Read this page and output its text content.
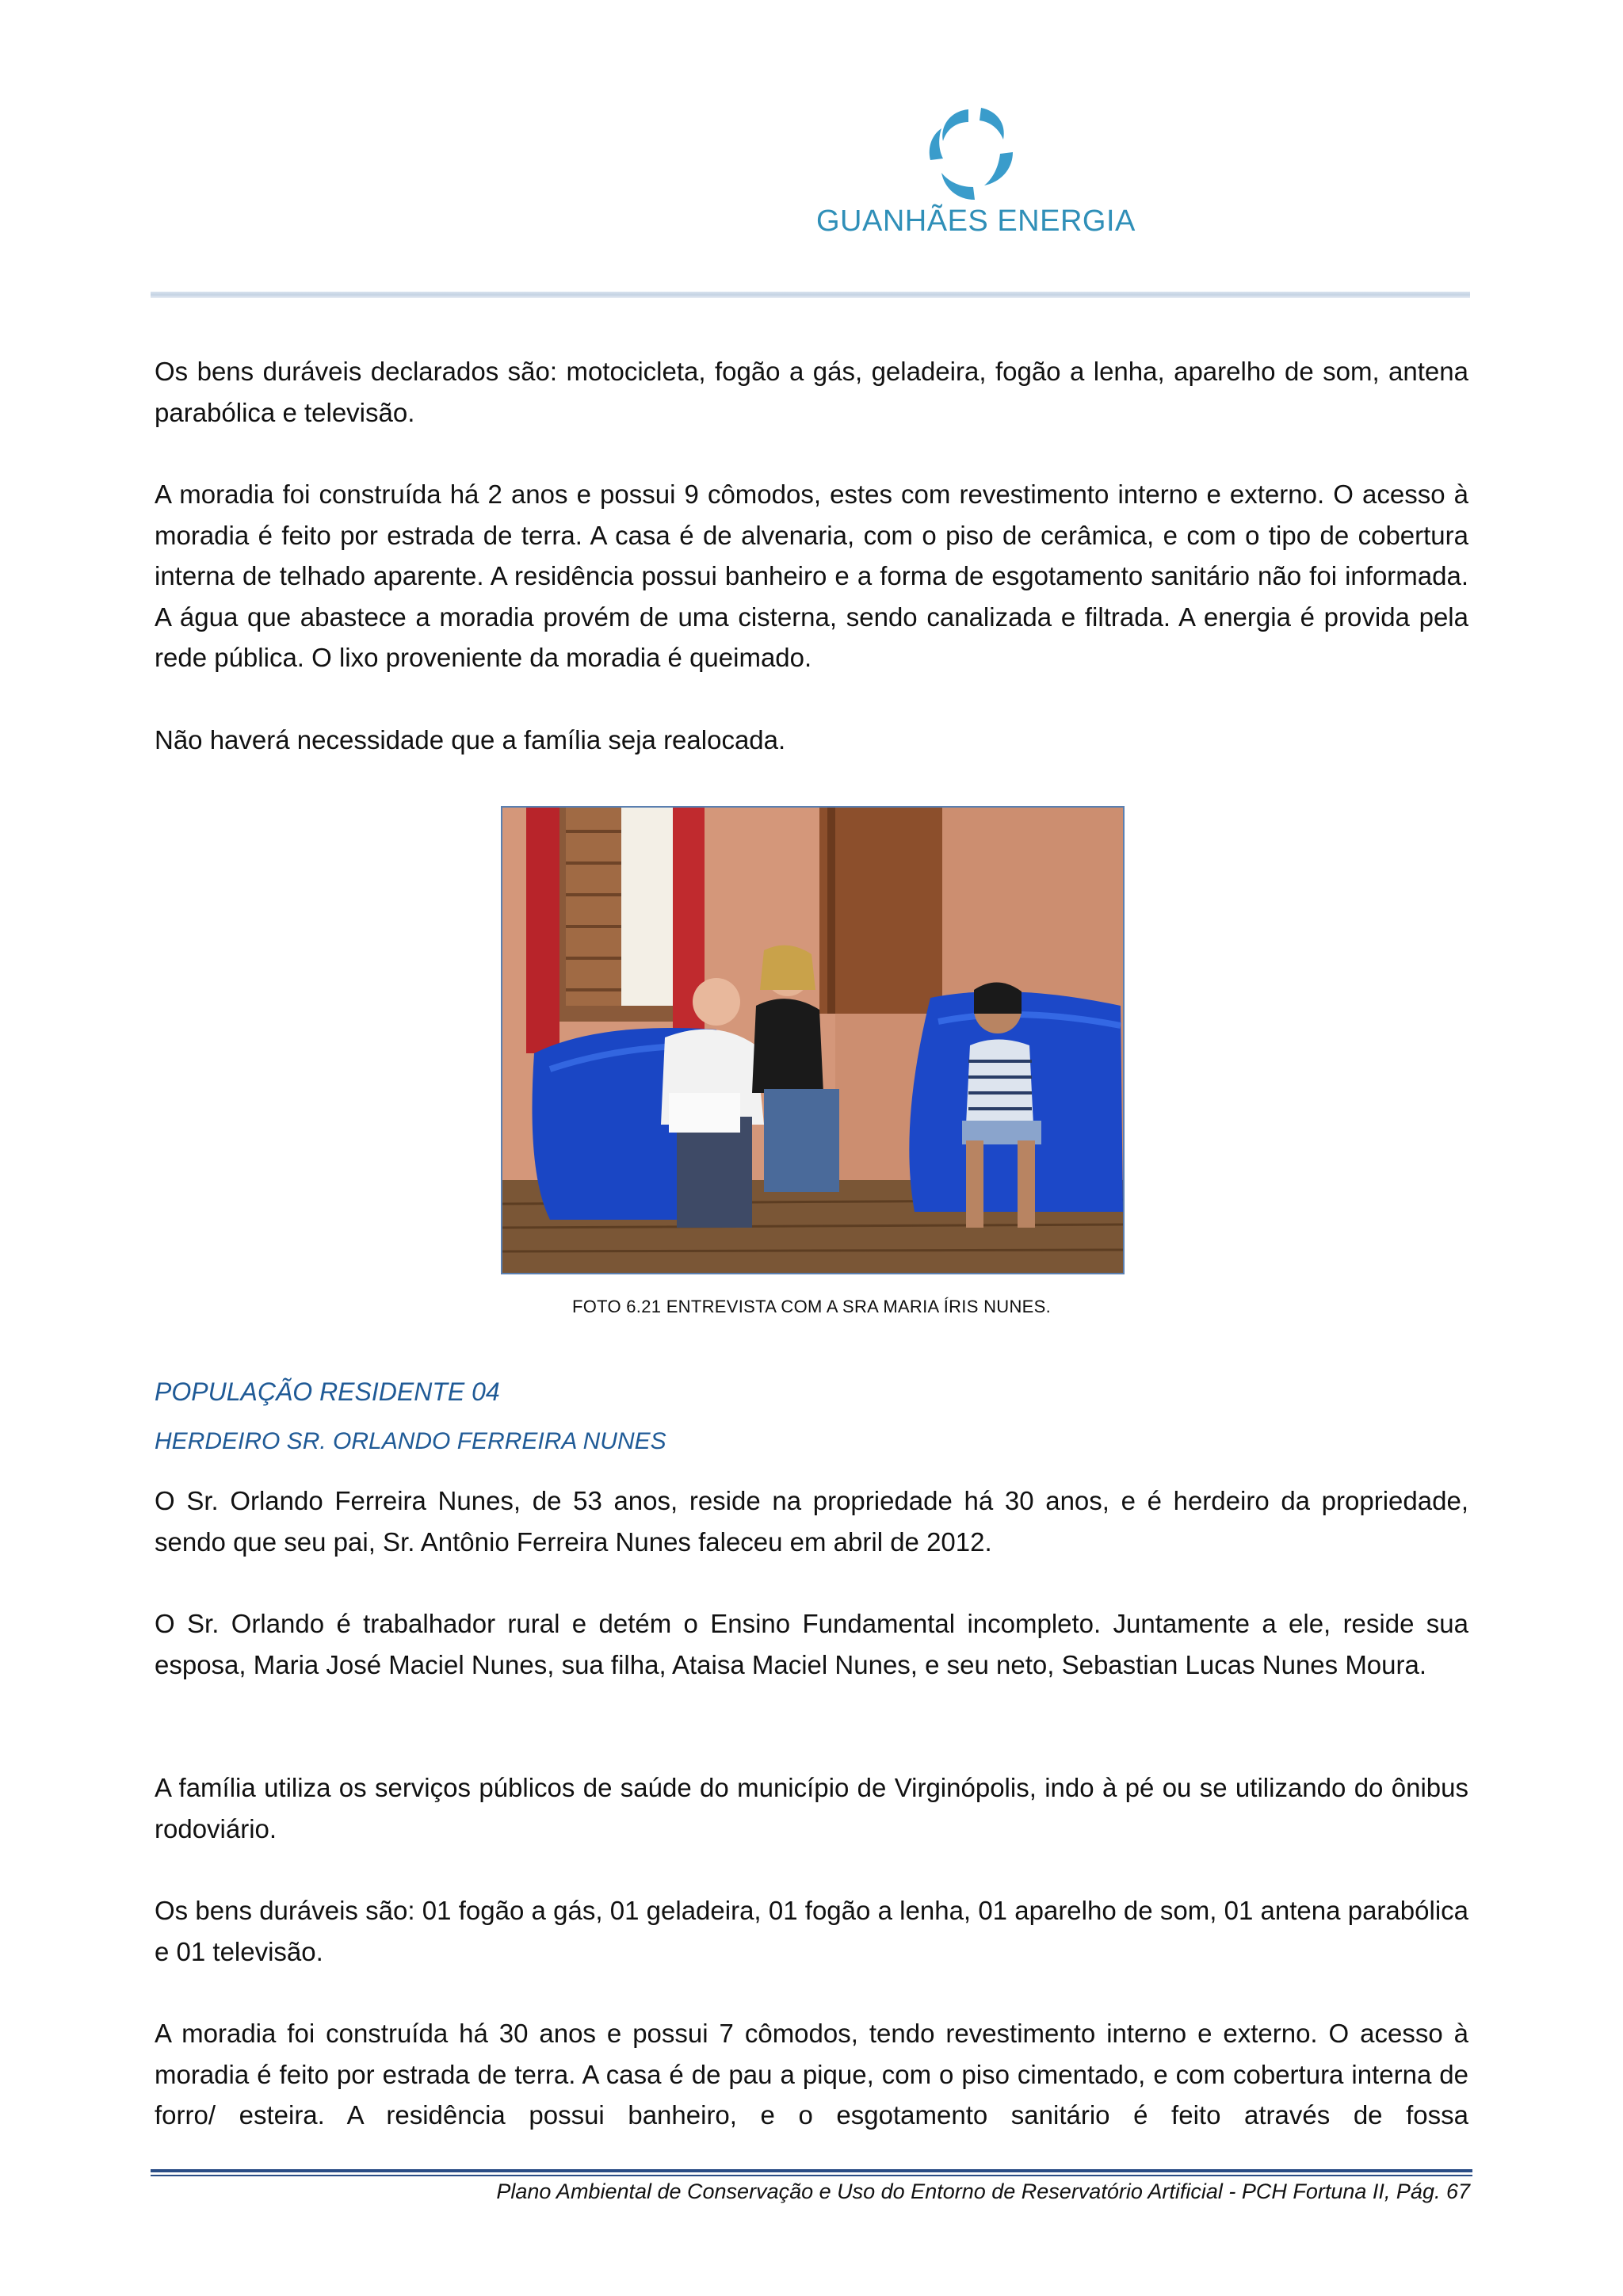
GUANHÃES ENERGIA

Os bens duráveis declarados são: motocicleta, fogão a gás, geladeira, fogão a lenha, aparelho de som, antena parabólica e televisão.

A moradia foi construída há 2 anos e possui 9 cômodos, estes com revestimento interno e externo. O acesso à moradia é feito por estrada de terra. A casa é de alvenaria, com o piso de cerâmica, e com o tipo de cobertura interna de telhado aparente. A residência possui banheiro e a forma de esgotamento sanitário não foi informada. A água que abastece a moradia provém de uma cisterna, sendo canalizada e filtrada. A energia é provida pela rede pública. O lixo proveniente da moradia é queimado.

Não haverá necessidade que a família seja realocada.

FOTO 6.21 ENTREVISTA COM A SRA MARIA ÍRIS NUNES.
POPULAÇÃO RESIDENTE 04
HERDEIRO SR. ORLANDO FERREIRA NUNES

O Sr. Orlando Ferreira Nunes, de 53 anos, reside na propriedade há 30 anos, e é herdeiro da propriedade, sendo que seu pai, Sr. Antônio Ferreira Nunes faleceu em abril de 2012.

O Sr. Orlando é trabalhador rural e detém o Ensino Fundamental incompleto. Juntamente a ele, reside sua esposa, Maria José Maciel Nunes, sua filha, Ataisa Maciel Nunes, e seu neto, Sebastian Lucas Nunes Moura.

A família utiliza os serviços públicos de saúde do município de Virginópolis, indo à pé ou se utilizando do ônibus rodoviário.

Os bens duráveis são: 01 fogão a gás, 01 geladeira, 01 fogão a lenha, 01 aparelho de som, 01 antena parabólica e 01 televisão.

A moradia foi construída há 30 anos e possui 7 cômodos, tendo revestimento interno e externo. O acesso à moradia é feito por estrada de terra. A casa é de pau a pique, com o piso cimentado, e com cobertura interna de forro/ esteira. A residência possui banheiro, e o esgotamento sanitário é feito através de fossa

Plano Ambiental de Conservação e Uso do Entorno de Reservatório Artificial - PCH Fortuna II, Pág. 67
